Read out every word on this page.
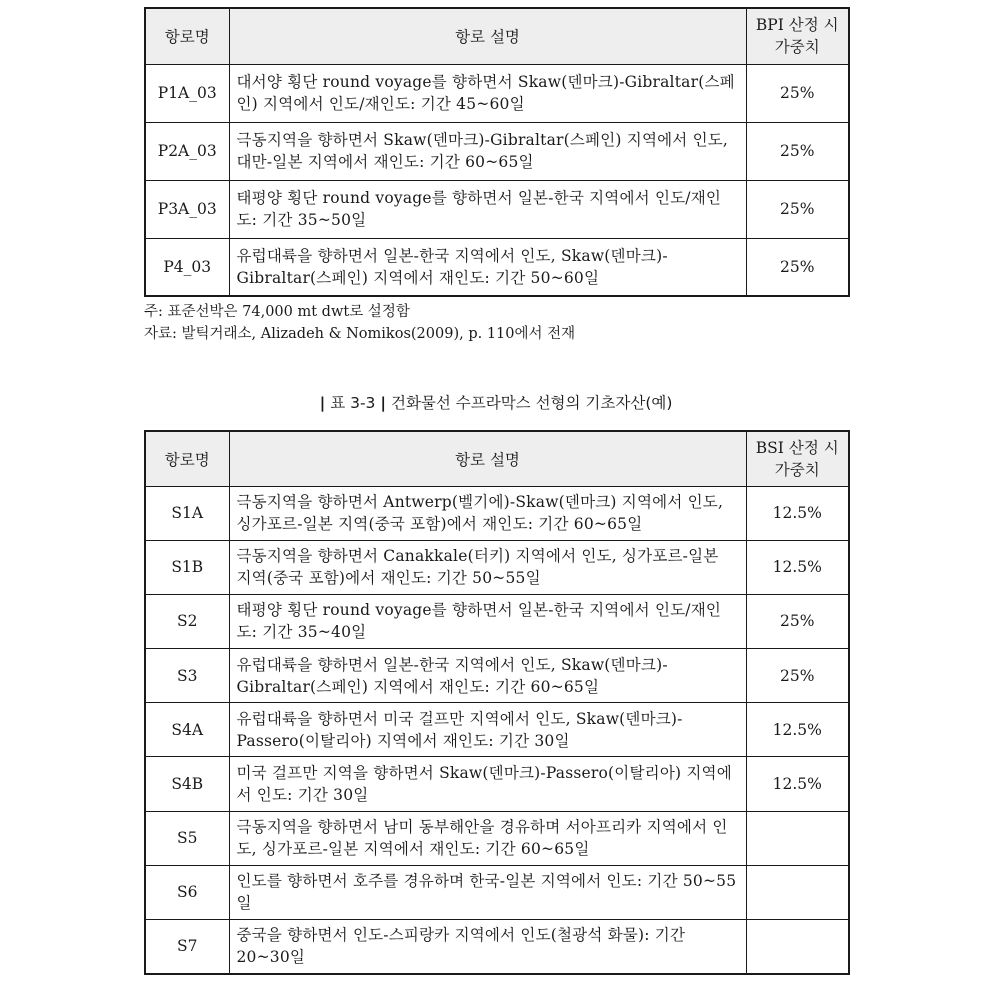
항로명	항로 설명	BPI 산정 시 가중치
P1A_03	대서양 횡단 round voyage를 향하면서 Skaw(덴마크)-Gibraltar(스페인) 지역에서 인도/재인도: 기간 45~60일	25%
P2A_03	극동지역을 향하면서 Skaw(덴마크)-Gibraltar(스페인) 지역에서 인도, 대만-일본 지역에서 재인도: 기간 60~65일	25%
P3A_03	태평양 횡단 round voyage를 향하면서 일본-한국 지역에서 인도/재인도: 기간 35~50일	25%
P4_03	유럽대륙을 향하면서 일본-한국 지역에서 인도, Skaw(덴마크)-Gibraltar(스페인) 지역에서 재인도: 기간 50~60일	25%
주: 표준선박은 74,000 mt dwt로 설정함
자료: 발틱거래소, Alizadeh & Nomikos(2009), p. 110에서 전재
| 표 3-3 | 건화물선 수프라막스 선형의 기초자산(예)
항로명	항로 설명	BSI 산정 시 가중치
S1A	극동지역을 향하면서 Antwerp(벨기에)-Skaw(덴마크) 지역에서 인도, 싱가포르-일본 지역(중국 포함)에서 재인도: 기간 60~65일	12.5%
S1B	극동지역을 향하면서 Canakkale(터키) 지역에서 인도, 싱가포르-일본 지역(중국 포함)에서 재인도: 기간 50~55일	12.5%
S2	태평양 횡단 round voyage를 향하면서 일본-한국 지역에서 인도/재인도: 기간 35~40일	25%
S3	유럽대륙을 향하면서 일본-한국 지역에서 인도, Skaw(덴마크)-Gibraltar(스페인) 지역에서 재인도: 기간 60~65일	25%
S4A	유럽대륙을 향하면서 미국 걸프만 지역에서 인도, Skaw(덴마크)-Passero(이탈리아) 지역에서 재인도: 기간 30일	12.5%
S4B	미국 걸프만 지역을 향하면서 Skaw(덴마크)-Passero(이탈리아) 지역에서 인도: 기간 30일	12.5%
S5	극동지역을 향하면서 남미 동부해안을 경유하며 서아프리카 지역에서 인도, 싱가포르-일본 지역에서 재인도: 기간 60~65일	
S6	인도를 향하면서 호주를 경유하며 한국-일본 지역에서 인도: 기간 50~55일	
S7	중국을 향하면서 인도-스피랑카 지역에서 인도(철광석 화물): 기간 20~30일	
